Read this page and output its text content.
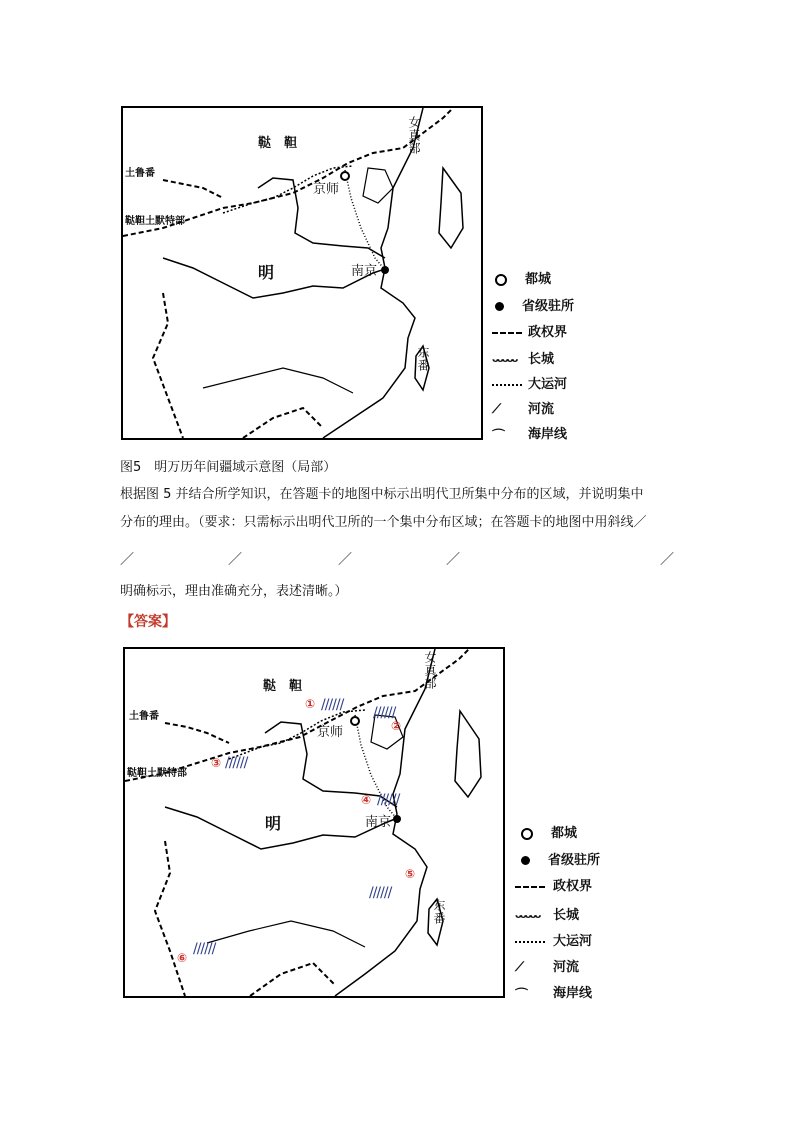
鞑　靼
土鲁番
鞑靼土默特部
京师
明	南京
女真部
东番
都城
省级驻所
政权界
ᴗᴗᴗᴗᴗ 长城
大运河
⟋ 河流
⌒ 海岸线
图5　明万历年间疆域示意图（局部）
根据图 5 并结合所学知识，在答题卡的地图中标示出明代卫所集中分布的区域，并说明集中
分布的理由。（要求：只需标示出明代卫所的一个集中分布区域；在答题卡的地图中用斜线／
／	／	／	／	／
明确标示，理由准确充分，表述清晰。）
【答案】
鞑　靼
土鲁番
鞑靼土默特部
京师
明	南京
女真部
东番
① //////
②
//////
③ //////
④ //////
⑤
//////
⑥
//////
都城
省级驻所
政权界
ᴗᴗᴗᴗᴗ 长城
大运河
⟋ 河流
⌒ 海岸线
